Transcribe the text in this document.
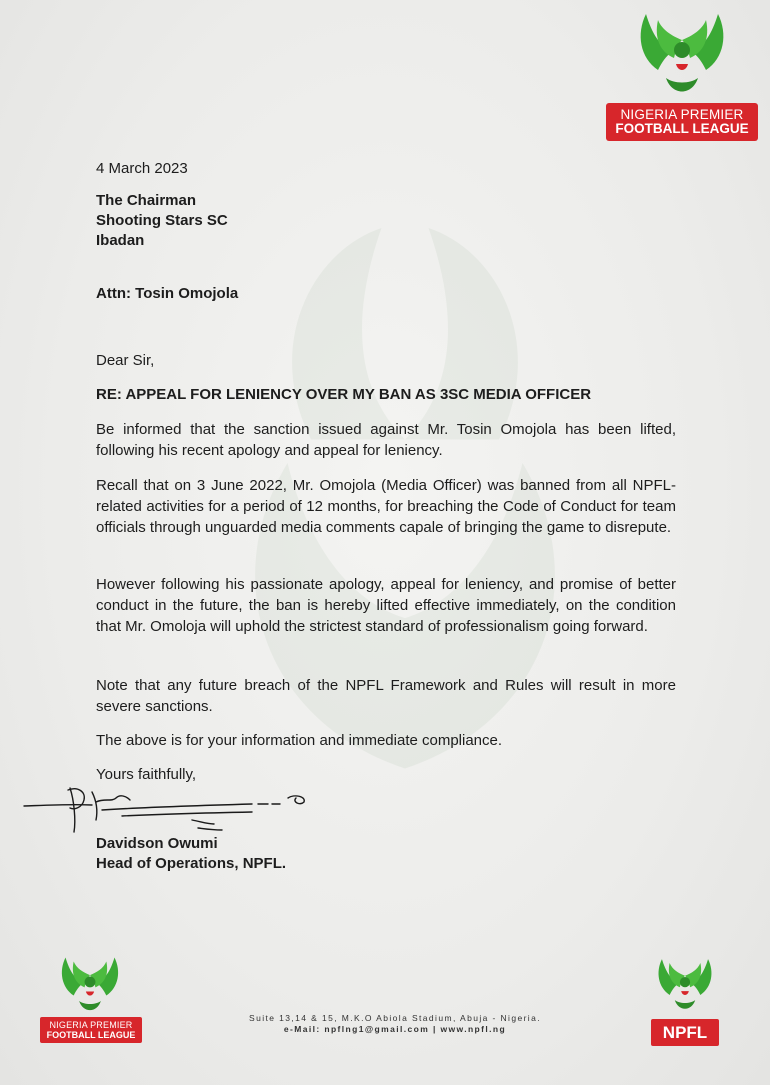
NIGERIA PREMIER
FOOTBALL LEAGUE
4 March 2023
The Chairman
Shooting Stars SC
Ibadan
Attn: Tosin Omojola
Dear Sir,
RE: APPEAL FOR LENIENCY OVER MY BAN AS 3SC MEDIA OFFICER
Be informed that the sanction issued against Mr. Tosin Omojola has been lifted, following his recent apology and appeal for leniency.
Recall that on 3 June 2022, Mr. Omojola (Media Officer) was banned from all NPFL-related activities for a period of 12 months, for breaching the Code of Conduct for team officials through unguarded media comments capale of bringing the game to disrepute.
However following his passionate apology, appeal for leniency, and promise of better conduct in the future, the ban is hereby lifted effective immediately, on the condition that Mr. Omoloja will uphold the strictest standard of professionalism going forward.
Note that any future breach of the NPFL Framework and Rules will result in more severe sanctions.
The above is for your information and immediate compliance.
Yours faithfully,
Davidson Owumi
Head of Operations, NPFL.
NIGERIA PREMIER
FOOTBALL LEAGUE
Suite 13,14 & 15, M.K.O Abiola Stadium, Abuja - Nigeria.
e-Mail: npflng1@gmail.com | www.npfl.ng	NPFL
